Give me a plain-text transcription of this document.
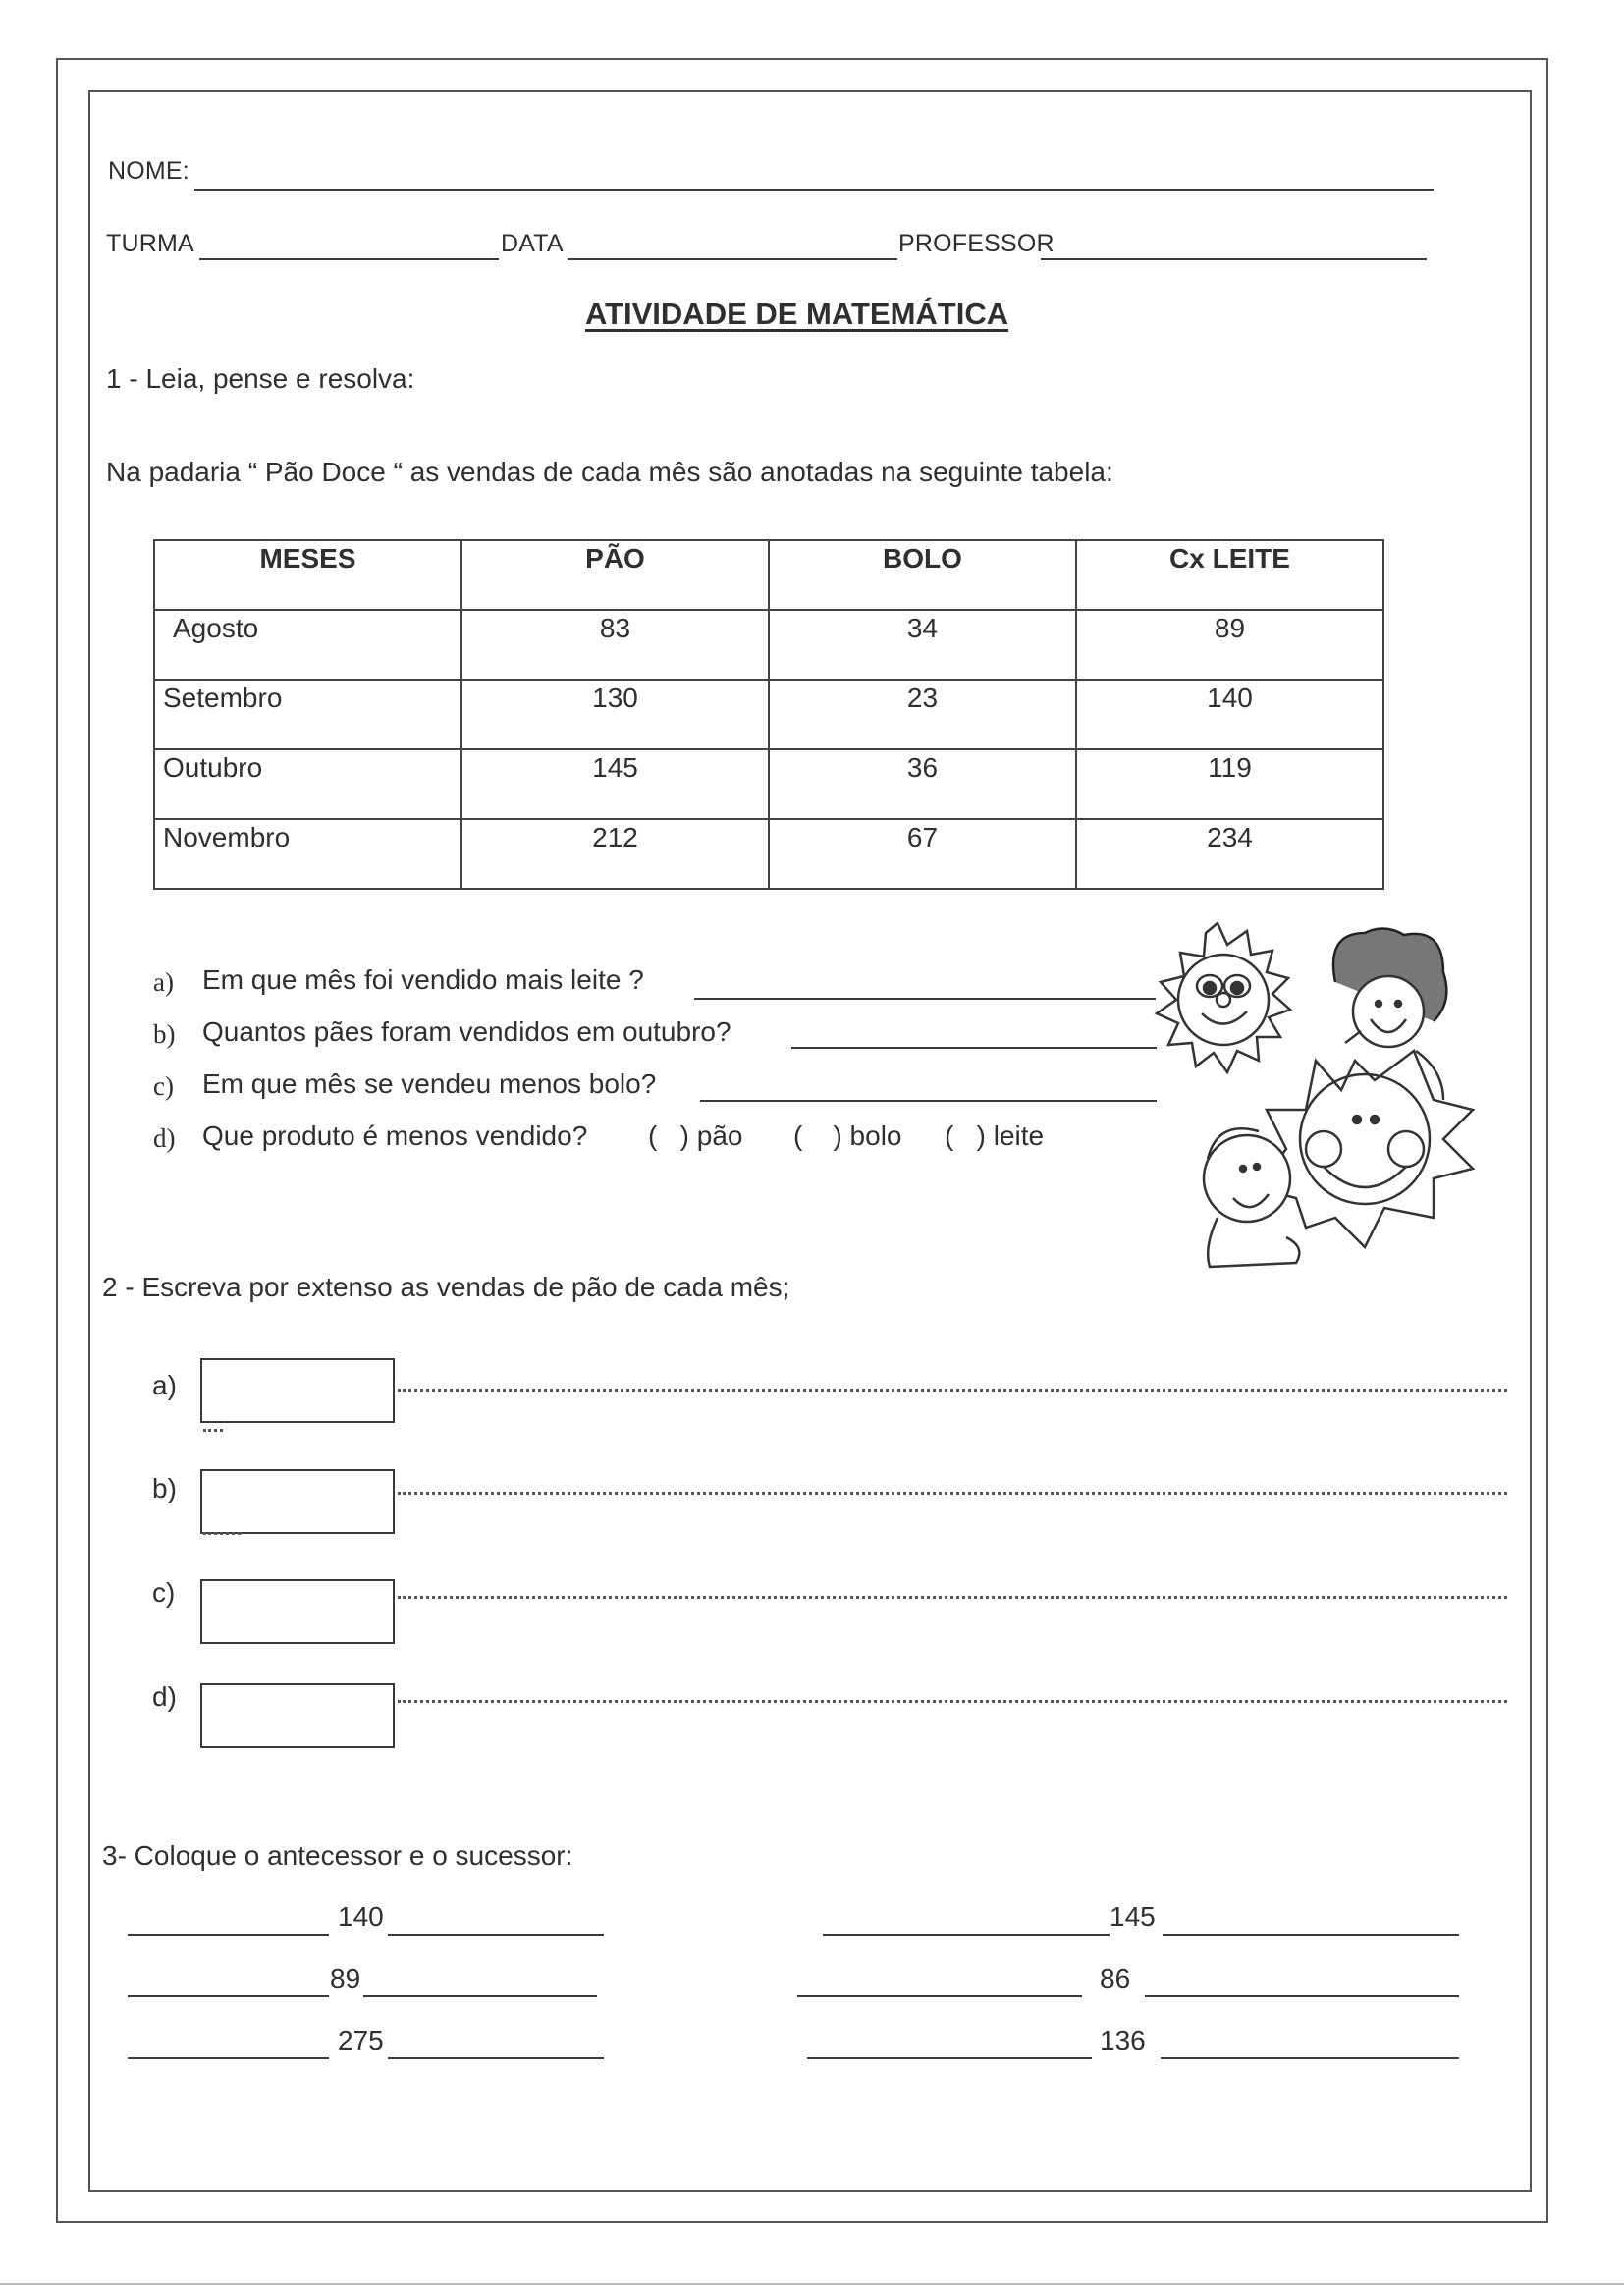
NOME:
TURMA	DATA	PROFESSOR
ATIVIDADE DE MATEMÁTICA
1 - Leia, pense e resolva:
Na padaria “ Pão Doce “ as vendas de cada mês são anotadas na seguinte tabela:
MESES	PÃO	BOLO	Cx LEITE
Agosto	83	34	89
Setembro	130	23	140
Outubro	145	36	119
Novembro	212	67	234
a) Em que mês foi vendido mais leite ?
b) Quantos pães foram vendidos em outubro?
c) Em que mês se vendeu menos bolo?
d) Que produto é menos vendido? (   ) pão (    ) bolo (   ) leite
2 - Escreva por extenso as vendas de pão de cada mês;
a)
b)
c)
d)
3- Coloque o antecessor e o sucessor:
140
89
275
145
86
136
